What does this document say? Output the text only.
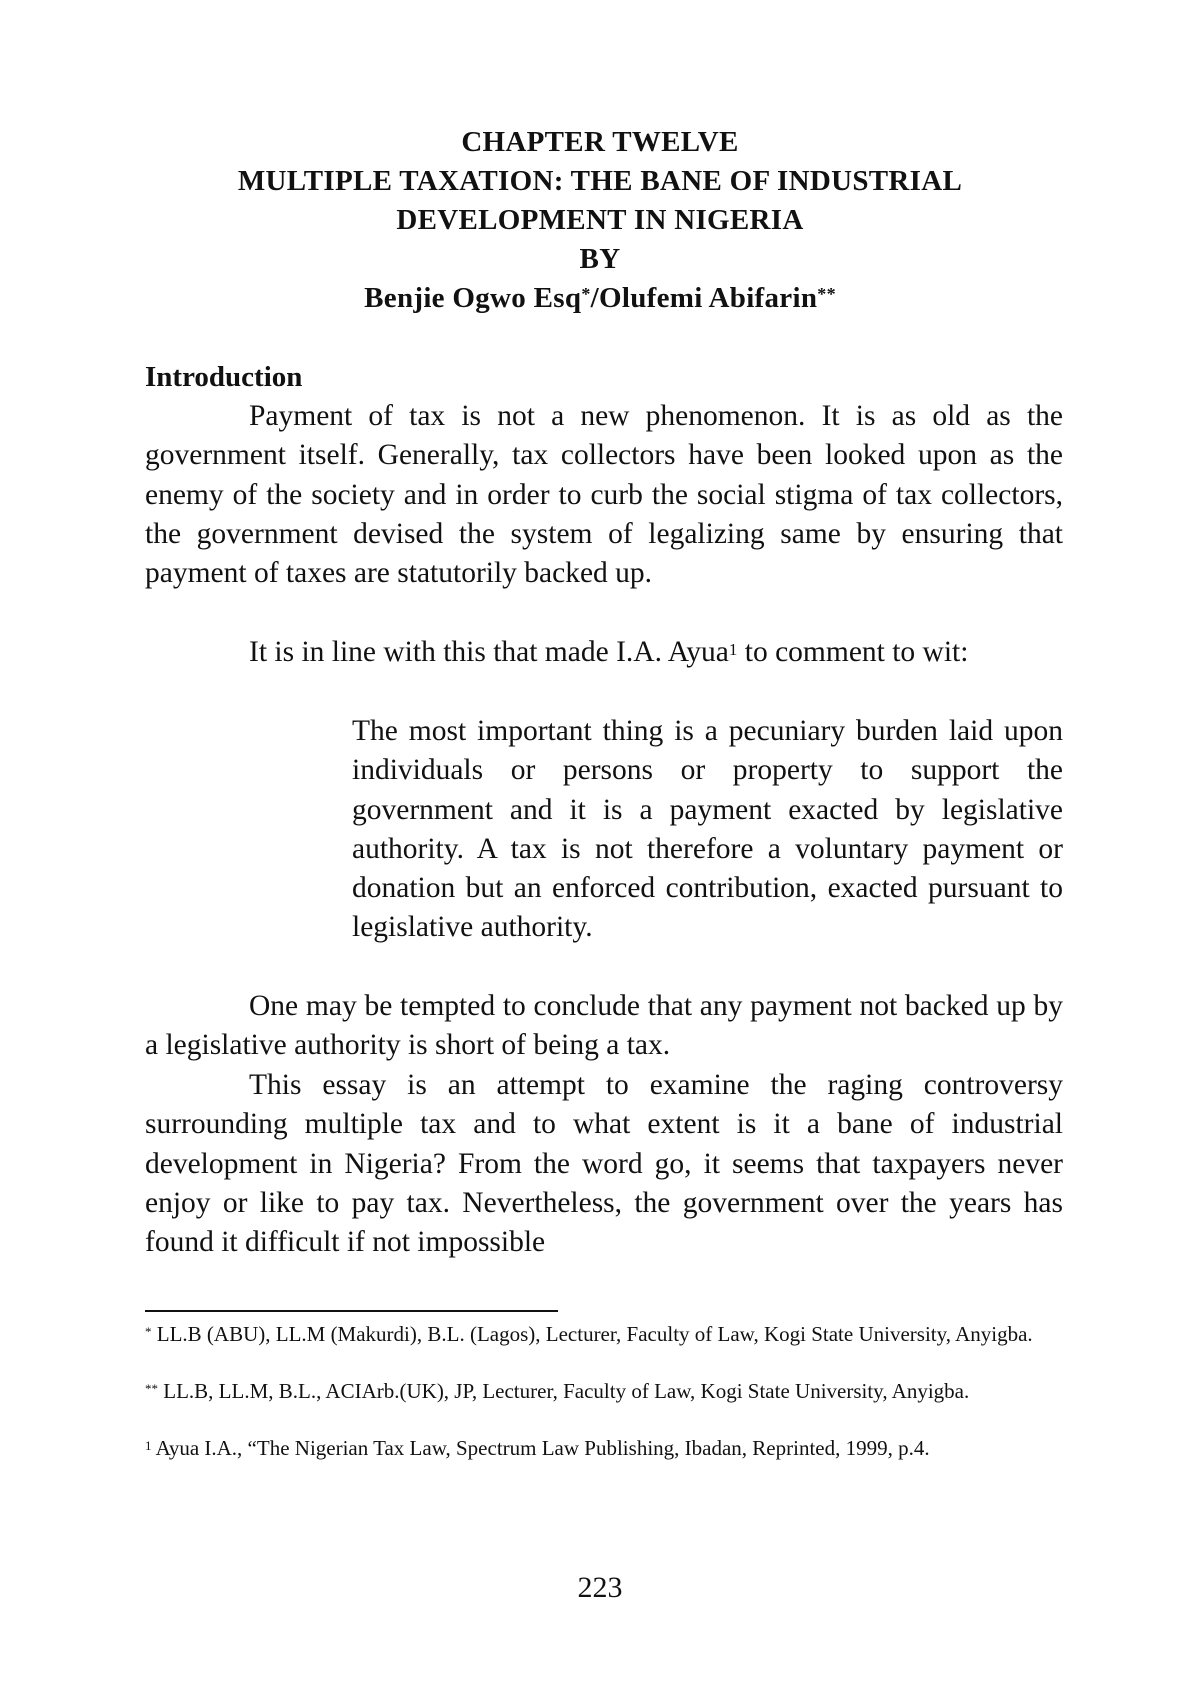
CHAPTER TWELVE
MULTIPLE TAXATION: THE BANE OF INDUSTRIAL
DEVELOPMENT IN NIGERIA
BY
Benjie Ogwo Esq*/Olufemi Abifarin**
Introduction

Payment of tax is not a new phenomenon. It is as old as the government itself. Generally, tax collectors have been looked upon as the enemy of the society and in order to curb the social stigma of tax collectors, the government devised the system of legalizing same by ensuring that payment of taxes are statutorily backed up.

It is in line with this that made I.A. Ayua$^1$ to comment to wit:

The most important thing is a pecuniary burden laid upon individuals or persons or property to support the government and it is a payment exacted by legislative authority. A tax is not therefore a voluntary payment or donation but an enforced contribution, exacted pursuant to legislative authority.

One may be tempted to conclude that any payment not backed up by a legislative authority is short of being a tax.

This essay is an attempt to examine the raging controversy surrounding multiple tax and to what extent is it a bane of industrial development in Nigeria? From the word go, it seems that taxpayers never enjoy or like to pay tax. Nevertheless, the government over the years has found it difficult if not impossible

* LL.B (ABU), LL.M (Makurdi), B.L. (Lagos), Lecturer, Faculty of Law, Kogi State University, Anyigba.

** LL.B, LL.M, B.L., ACIArb.(UK), JP, Lecturer, Faculty of Law, Kogi State University, Anyigba.

$^1$ Ayua I.A., “The Nigerian Tax Law, Spectrum Law Publishing, Ibadan, Reprinted, 1999, p.4.

223
